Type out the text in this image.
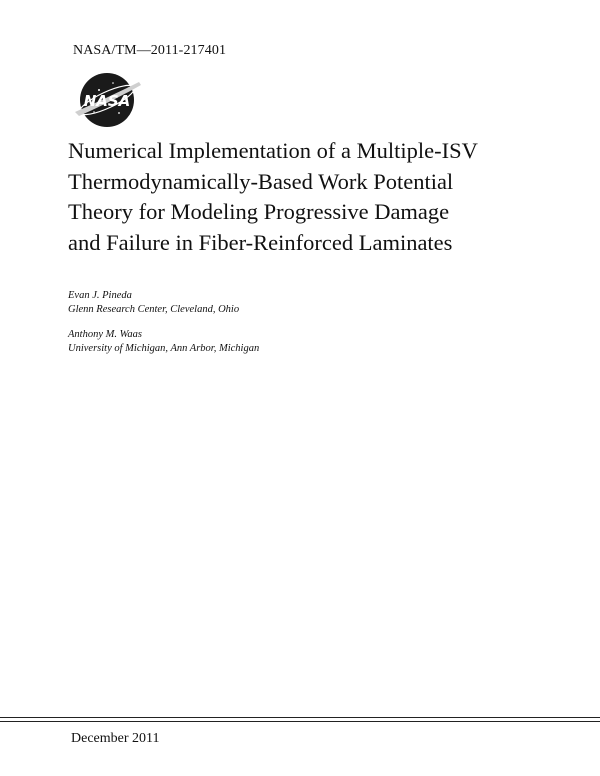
NASA/TM—2011-217401
NASA
Numerical Implementation of a Multiple-ISV
Thermodynamically-Based Work Potential
Theory for Modeling Progressive Damage
and Failure in Fiber-Reinforced Laminates
Evan J. Pineda
Glenn Research Center, Cleveland, Ohio
Anthony M. Waas
University of Michigan, Ann Arbor, Michigan
December 2011
